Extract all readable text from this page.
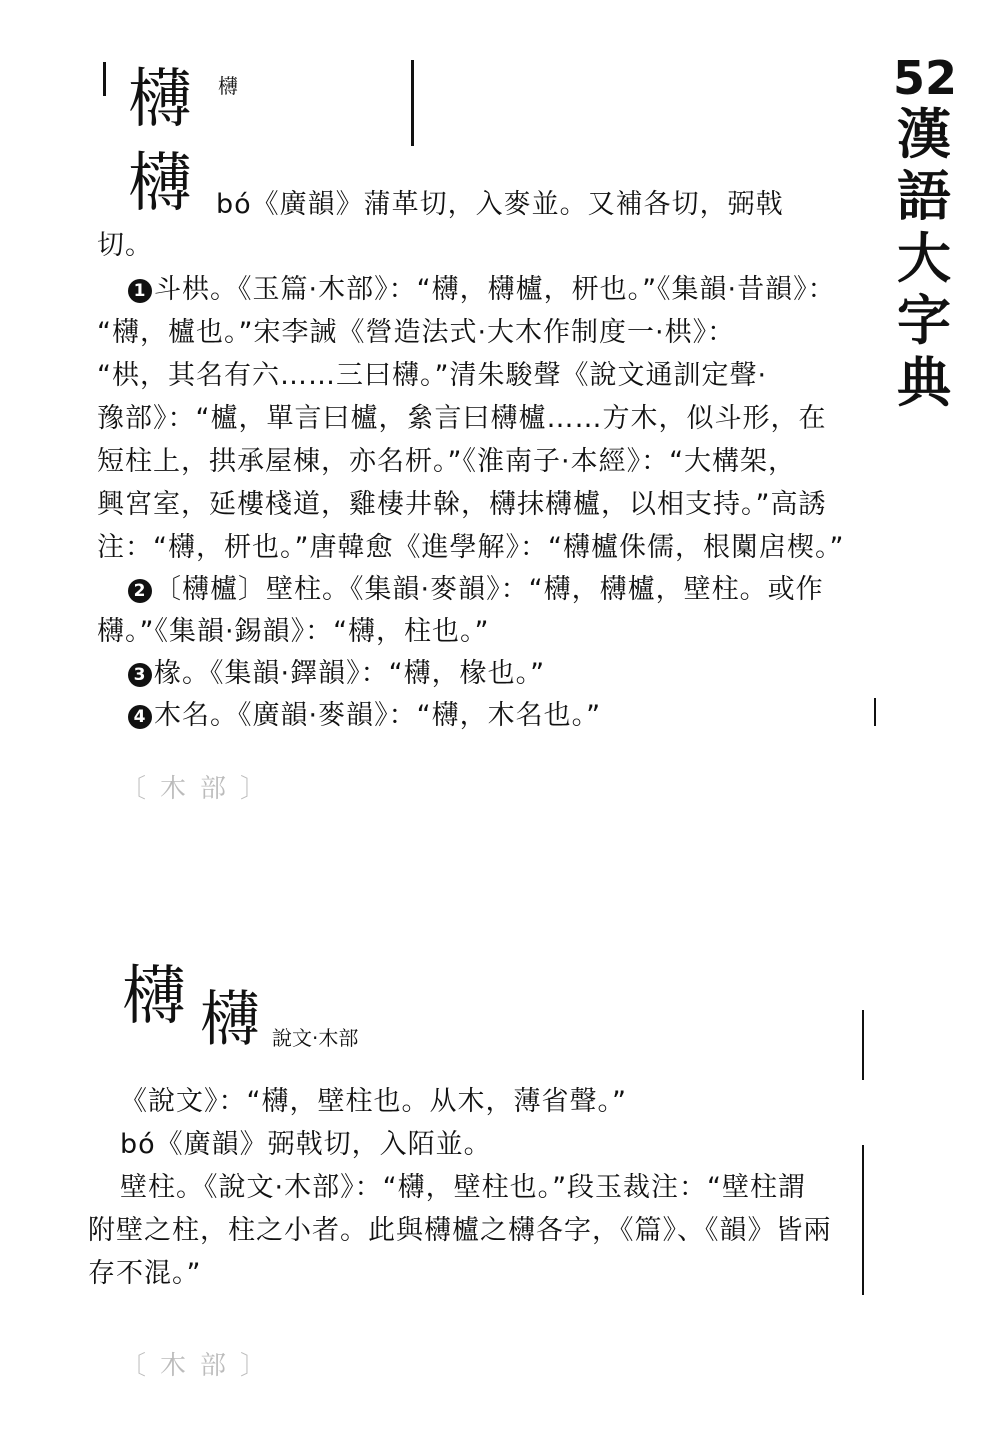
52
漢
語
大
字
典
欂 欂
欂 bó《廣韻》蒲革切，入麥並。又補各切，弼戟
切。
1 斗栱。《玉篇·木部》：“欂，欂櫨，枅也。”《集韻·昔韻》：
“欂，櫨也。”宋李誡《營造法式·大木作制度一·栱》：
“栱，其名有六……三曰欂。”清朱駿聲《說文通訓定聲·
豫部》：“櫨，單言曰櫨，絫言曰欂櫨……方木，似斗形，在
短柱上，拱承屋棟，亦名枅。”《淮南子·本經》：“大構架，
興宮室，延樓棧道，雞棲井榦，欂抹欂櫨，以相支持。”高誘
注：“欂，枅也。”唐韓愈《進學解》：“欂櫨侏儒，根闑扂楔。”
2 〔欂櫨〕壁柱。《集韻·麥韻》：“欂，欂櫨，壁柱。或作
欂。”《集韻·錫韻》：“欂，柱也。”
3 椽。《集韻·鐸韻》：“欂，椽也。”
4 木名。《廣韻·麥韻》：“欂，木名也。”
〔木部〕
欂 欂 說文·木部
《說文》：“欂，壁柱也。从木，薄省聲。”
bó《廣韻》弼戟切，入陌並。
壁柱。《說文·木部》：“欂，壁柱也。”段玉裁注：“壁柱謂
附壁之柱，柱之小者。此與欂櫨之欂各字，《篇》、《韻》皆兩
存不混。”
〔木部〕
